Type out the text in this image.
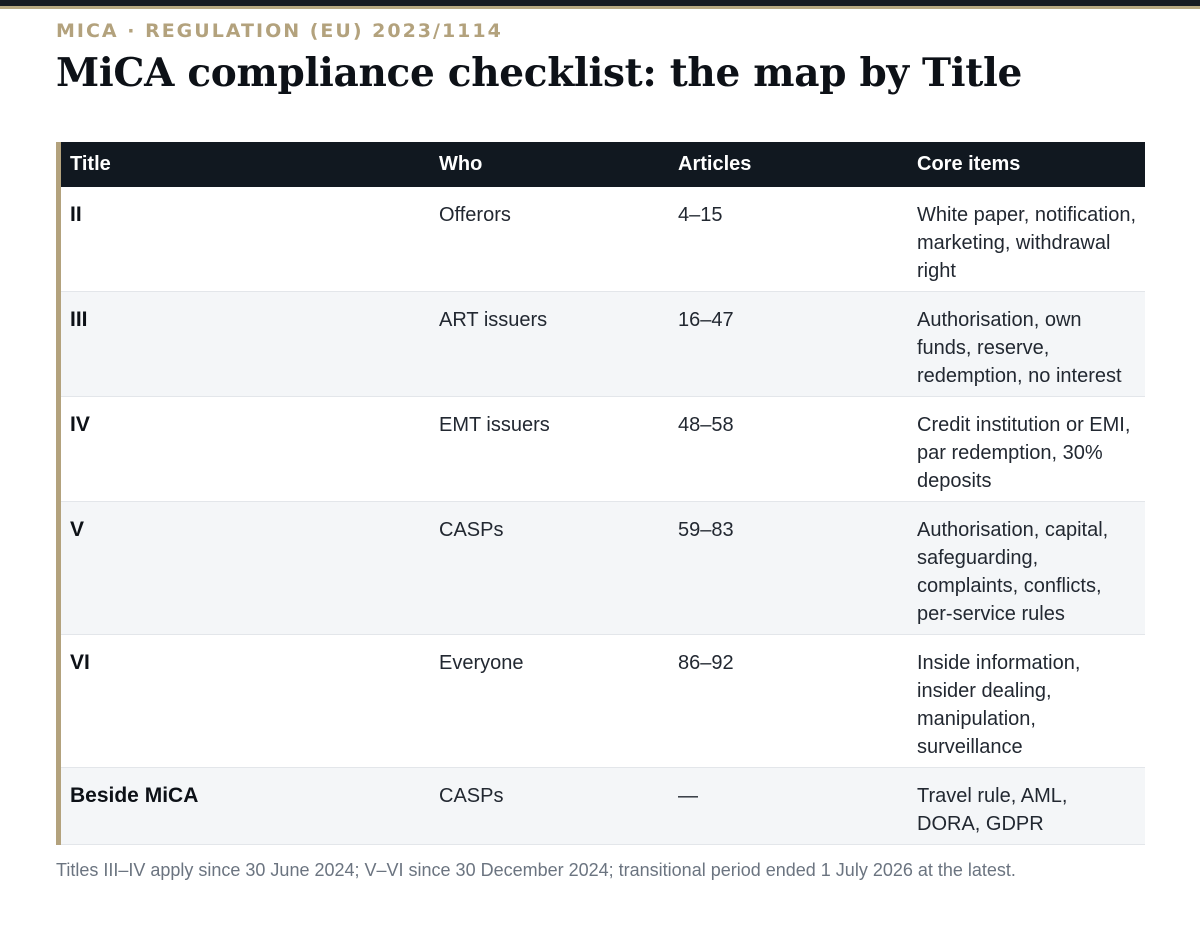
MICA · REGULATION (EU) 2023/1114
MiCA compliance checklist: the map by Title
Title	Who	Articles	Core items
II	Offerors	4–15	White paper, notification, marketing, withdrawal right
III	ART issuers	16–47	Authorisation, own funds, reserve, redemption, no interest
IV	EMT issuers	48–58	Credit institution or EMI, par redemption, 30% deposits
V	CASPs	59–83	Authorisation, capital, safeguarding, complaints, conflicts, per-service rules
VI	Everyone	86–92	Inside information, insider dealing, manipulation, surveillance
Beside MiCA	CASPs	—	Travel rule, AML, DORA, GDPR
Titles III–IV apply since 30 June 2024; V–VI since 30 December 2024; transitional period ended 1 July 2026 at the latest.
